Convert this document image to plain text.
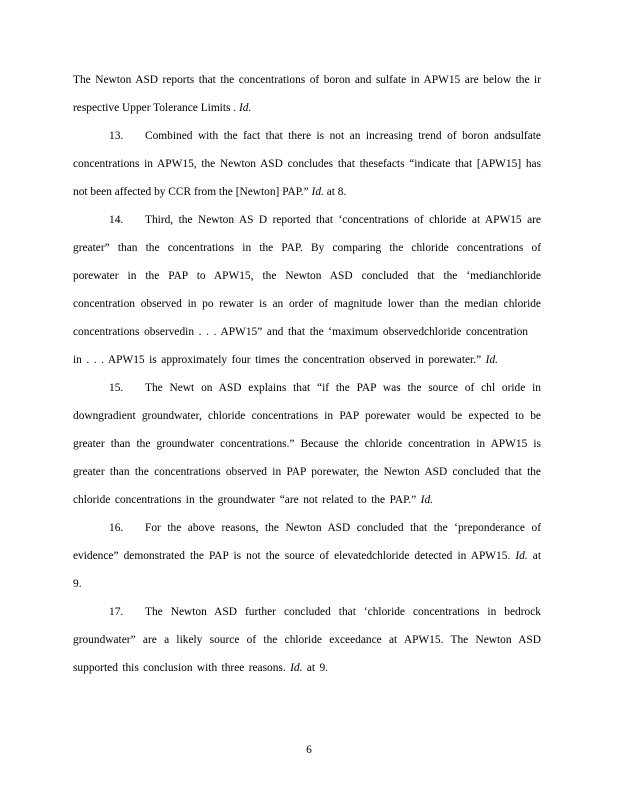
The Newton ASD reports that the concentrations of boron and sulfate in APW15 are below the ir
respective Upper Tolerance Limits . Id.
13.	Combined with the fact that there is not an increasing trend of boron andsulfate
concentrations in APW15, the Newton ASD concludes that thesefacts “indicate that [APW15] has
not been affected by CCR from the [Newton] PAP.” Id. at 8.
14.	Third, the Newton AS D reported that ‘concentrations of chloride at APW15 are
greater” than the concentrations in the PAP. By comparing the chloride concentrations of
porewater in the PAP to APW15, the Newton ASD concluded that the ‘medianchloride
concentration observed in po rewater is an order of magnitude lower than the median chloride
concentrations observedin . . . APW15” and that the ‘maximum observedchloride concentration
in . . . APW15 is approximately four times the concentration observed in porewater.” Id.
15.	The Newt on ASD explains that “if the PAP was the source of chl oride in
downgradient groundwater, chloride concentrations in PAP porewater would be expected to be
greater than the groundwater concentrations.” Because the chloride concentration in APW15 is
greater than the concentrations observed in PAP porewater, the Newton ASD concluded that the
chloride concentrations in the groundwater “are not related to the PAP.” Id.
16.	For the above reasons, the Newton ASD concluded that the ‘preponderance of
evidence” demonstrated the PAP is not the source of elevatedchloride detected in APW15. Id. at
9.
17.	The Newton ASD further concluded that ‘chloride concentrations in bedrock
groundwater” are a likely source of the chloride exceedance at APW15. The Newton ASD
supported this conclusion with three reasons. Id. at 9.
6
